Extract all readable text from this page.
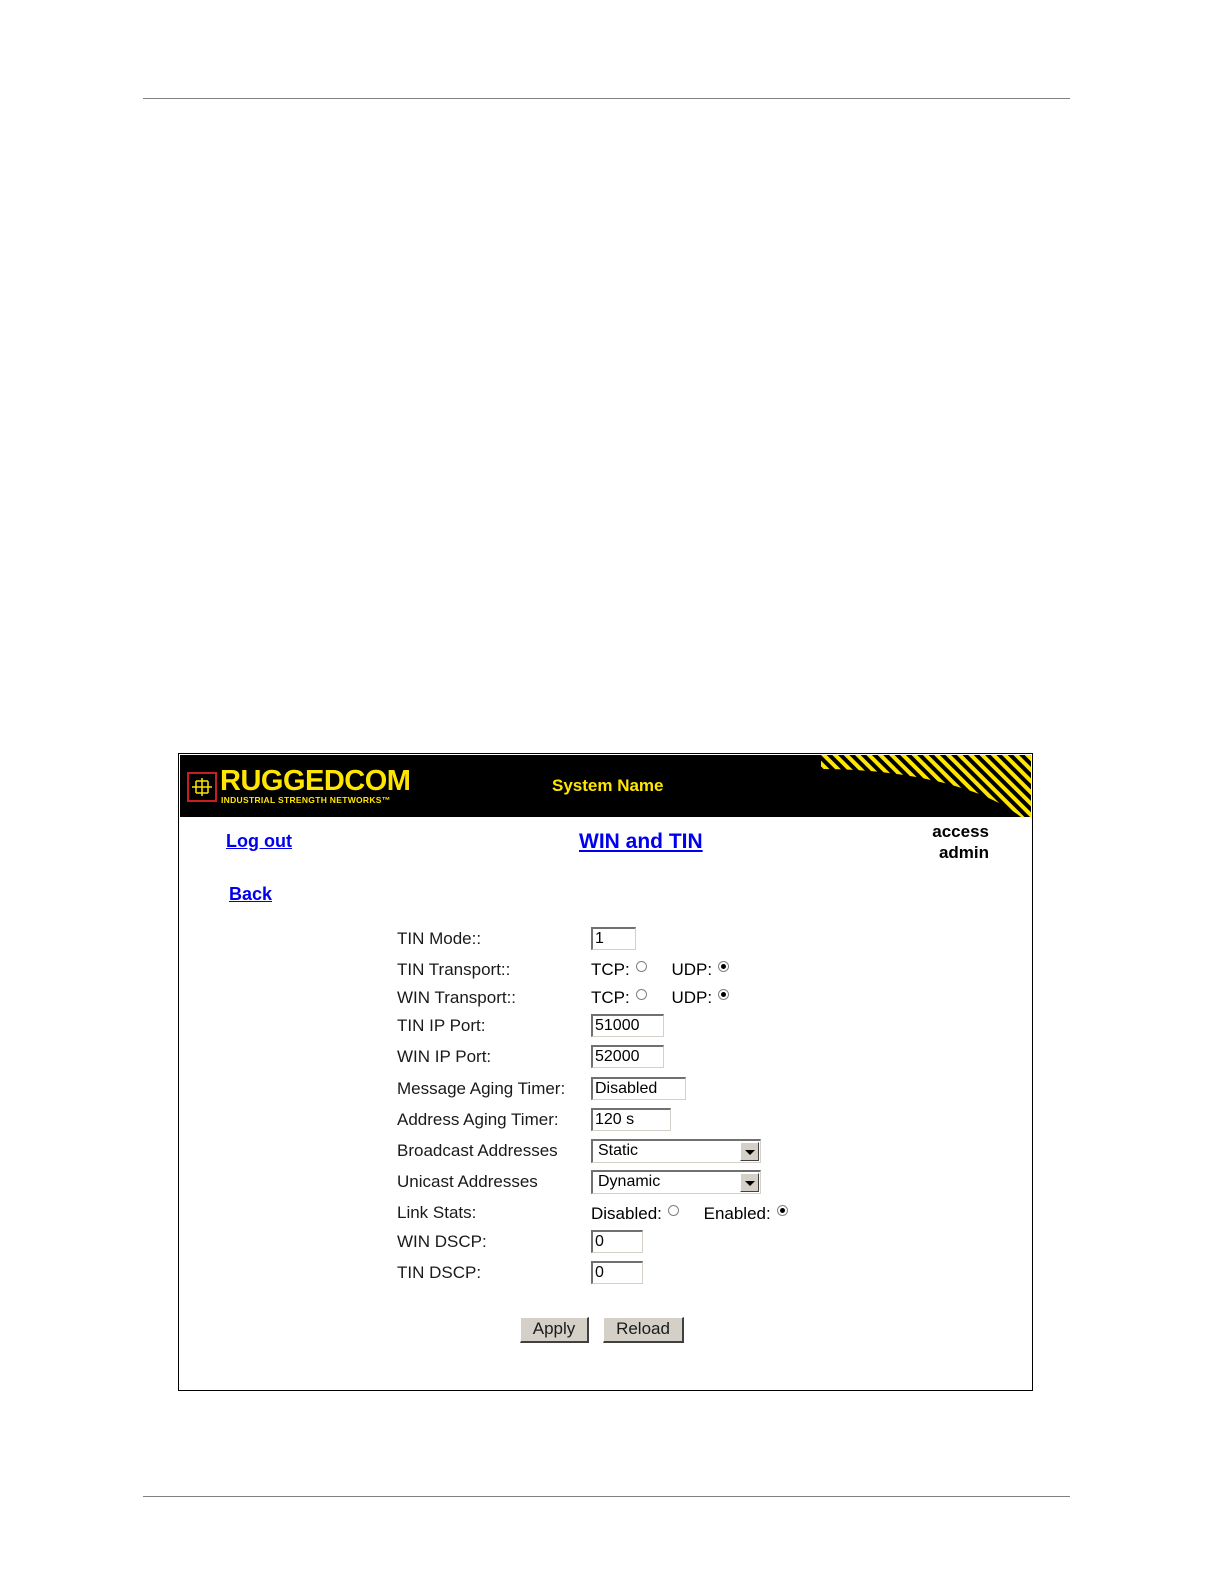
RUGGEDCOM
INDUSTRIAL STRENGTH NETWORKS™
System Name
Log out	WIN and TIN	access
admin
Back
TIN Mode::	1
TIN Transport::	TCP: UDP:
WIN Transport::	TCP: UDP:
TIN IP Port:	51000
WIN IP Port:	52000
Message Aging Timer: Disabled
Address Aging Timer: 120 s
Broadcast Addresses	Static
Unicast Addresses	Dynamic
Link Stats:	Disabled: Enabled:
WIN DSCP:	0
TIN DSCP:	0
Apply	Reload
